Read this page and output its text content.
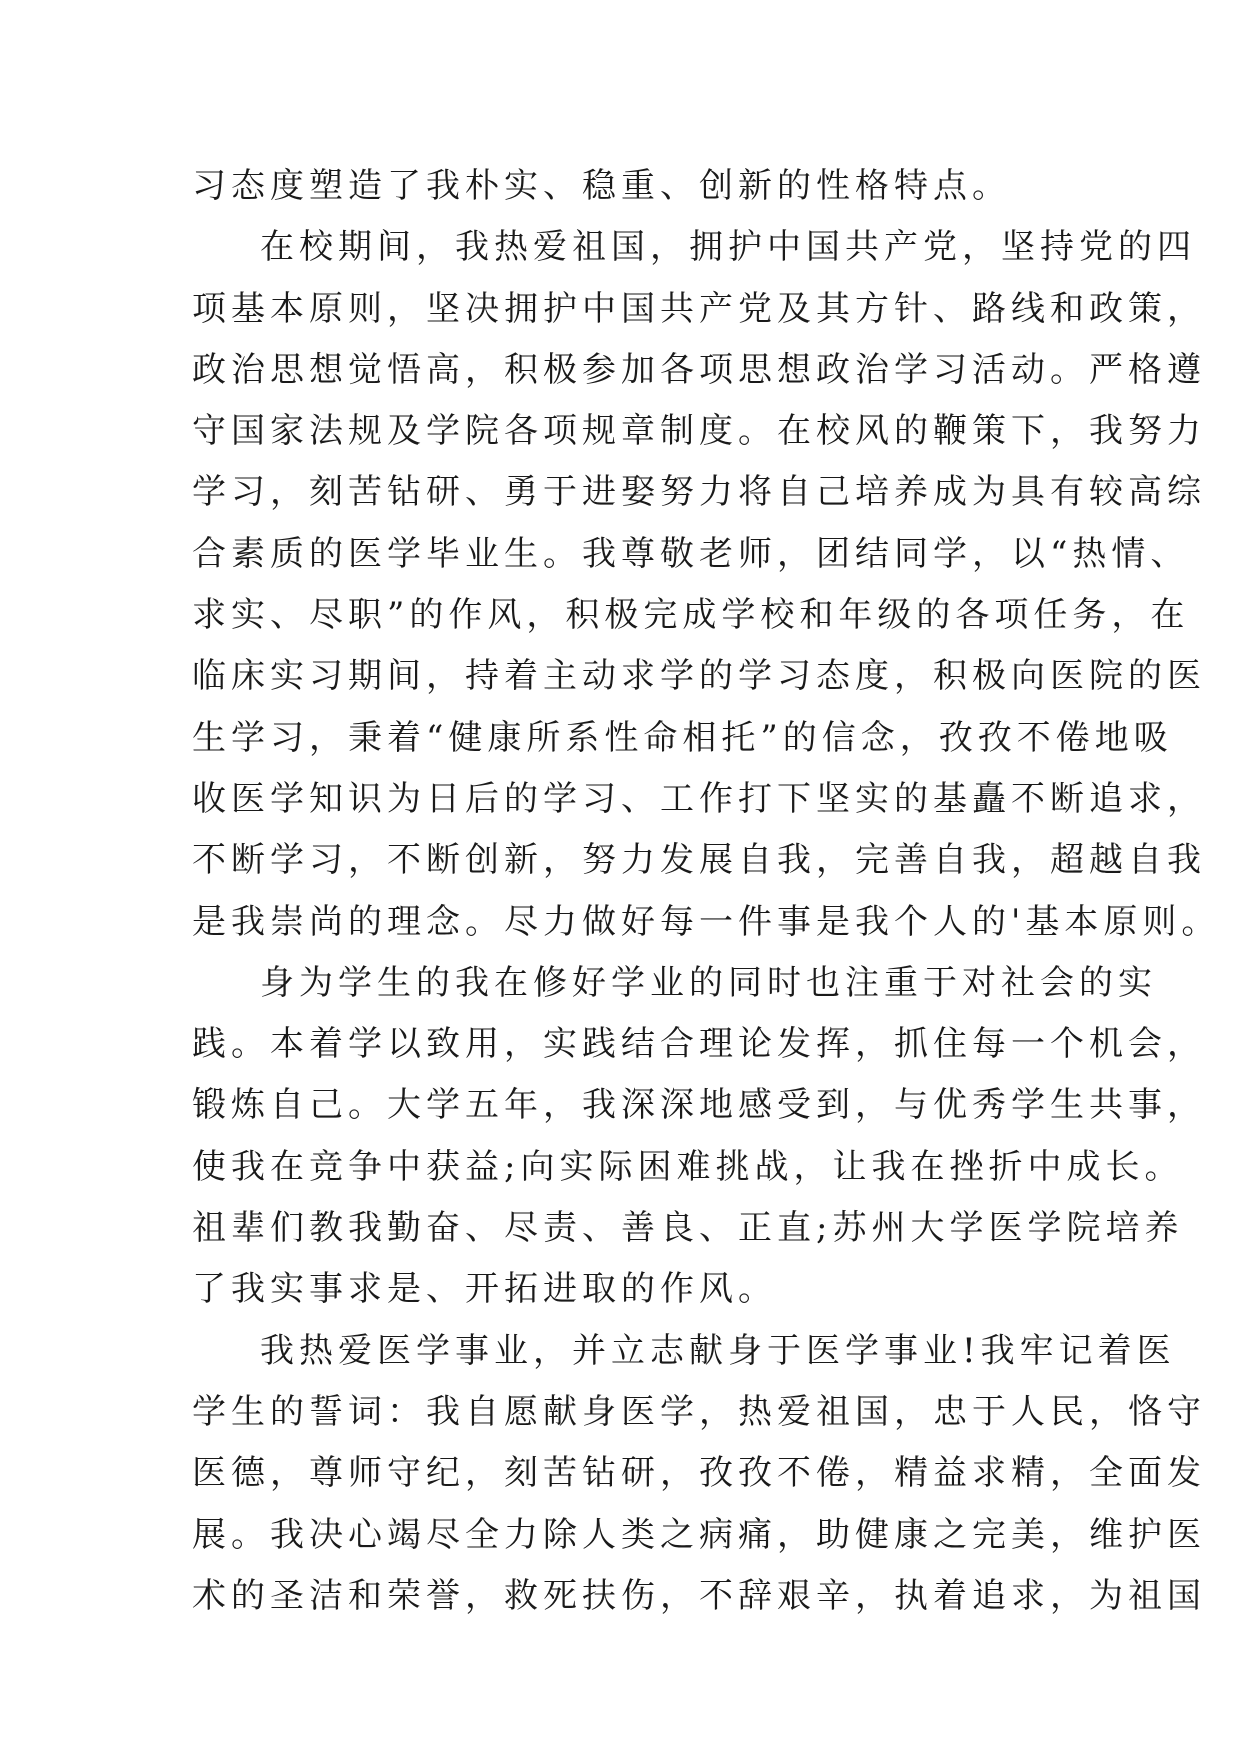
习态度塑造了我朴实、稳重、创新的性格特点。
在校期间，我热爱祖国，拥护中国共产党，坚持党的四
项基本原则，坚决拥护中国共产党及其方针、路线和政策，
政治思想觉悟高，积极参加各项思想政治学习活动。严格遵
守国家法规及学院各项规章制度。在校风的鞭策下，我努力
学习，刻苦钻研、勇于进娶努力将自己培养成为具有较高综
合素质的医学毕业生。我尊敬老师，团结同学，以“热情、
求实、尽职”的作风，积极完成学校和年级的各项任务，在
临床实习期间，持着主动求学的学习态度，积极向医院的医
生学习，秉着“健康所系性命相托”的信念，孜孜不倦地吸
收医学知识为日后的学习、工作打下坚实的基矗不断追求，
不断学习，不断创新，努力发展自我，完善自我，超越自我
是我崇尚的理念。尽力做好每一件事是我个人的'基本原则。
身为学生的我在修好学业的同时也注重于对社会的实
践。本着学以致用，实践结合理论发挥，抓住每一个机会，
锻炼自己。大学五年，我深深地感受到，与优秀学生共事，
使我在竞争中获益;向实际困难挑战，让我在挫折中成长。
祖辈们教我勤奋、尽责、善良、正直;苏州大学医学院培养
了我实事求是、开拓进取的作风。
我热爱医学事业，并立志献身于医学事业!我牢记着医
学生的誓词：我自愿献身医学，热爱祖国，忠于人民，恪守
医德，尊师守纪，刻苦钻研，孜孜不倦，精益求精，全面发
展。我决心竭尽全力除人类之病痛，助健康之完美，维护医
术的圣洁和荣誉，救死扶伤，不辞艰辛，执着追求，为祖国
